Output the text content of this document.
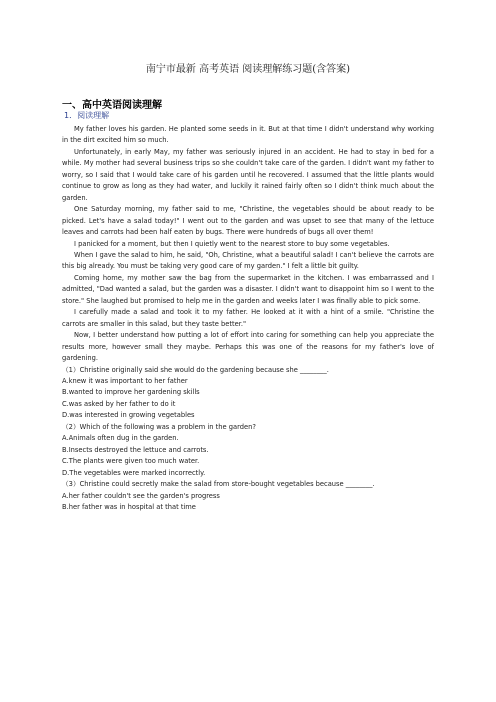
南宁市最新 高考英语 阅读理解练习题(含答案)
一、高中英语阅读理解
1．阅读理解

My father loves his garden. He planted some seeds in it. But at that time I didn't understand why working in the dirt excited him so much.

Unfortunately, in early May, my father was seriously injured in an accident. He had to stay in bed for a while. My mother had several business trips so she couldn't take care of the garden. I didn't want my father to worry, so I said that I would take care of his garden until he recovered. I assumed that the little plants would continue to grow as long as they had water, and luckily it rained fairly often so I didn't think much about the garden.

One Saturday morning, my father said to me, "Christine, the vegetables should be about ready to be picked. Let's have a salad today!" I went out to the garden and was upset to see that many of the lettuce leaves and carrots had been half eaten by bugs. There were hundreds of bugs all over them!

I panicked for a moment, but then I quietly went to the nearest store to buy some vegetables.

When I gave the salad to him, he said, "Oh, Christine, what a beautiful salad! I can't believe the carrots are this big already. You must be taking very good care of my garden." I felt a little bit guilty.

Coming home, my mother saw the bag from the supermarket in the kitchen. I was embarrassed and I admitted, "Dad wanted a salad, but the garden was a disaster. I didn't want to disappoint him so I went to the store." She laughed but promised to help me in the garden and weeks later I was finally able to pick some.

I carefully made a salad and took it to my father. He looked at it with a hint of a smile. "Christine the carrots are smaller in this salad, but they taste better."

Now, I better understand how putting a lot of effort into caring for something can help you appreciate the results more, however small they maybe. Perhaps this was one of the reasons for my father's love of gardening.

（1）Christine originally said she would do the gardening because she ________.

A.knew it was important to her father

B.wanted to improve her gardening skills

C.was asked by her father to do it

D.was interested in growing vegetables

（2）Which of the following was a problem in the garden?

A.Animals often dug in the garden.

B.Insects destroyed the lettuce and carrots.

C.The plants were given too much water.

D.The vegetables were marked incorrectly.

（3）Christine could secretly make the salad from store-bought vegetables because ________.

A.her father couldn't see the garden's progress

B.her father was in hospital at that time
